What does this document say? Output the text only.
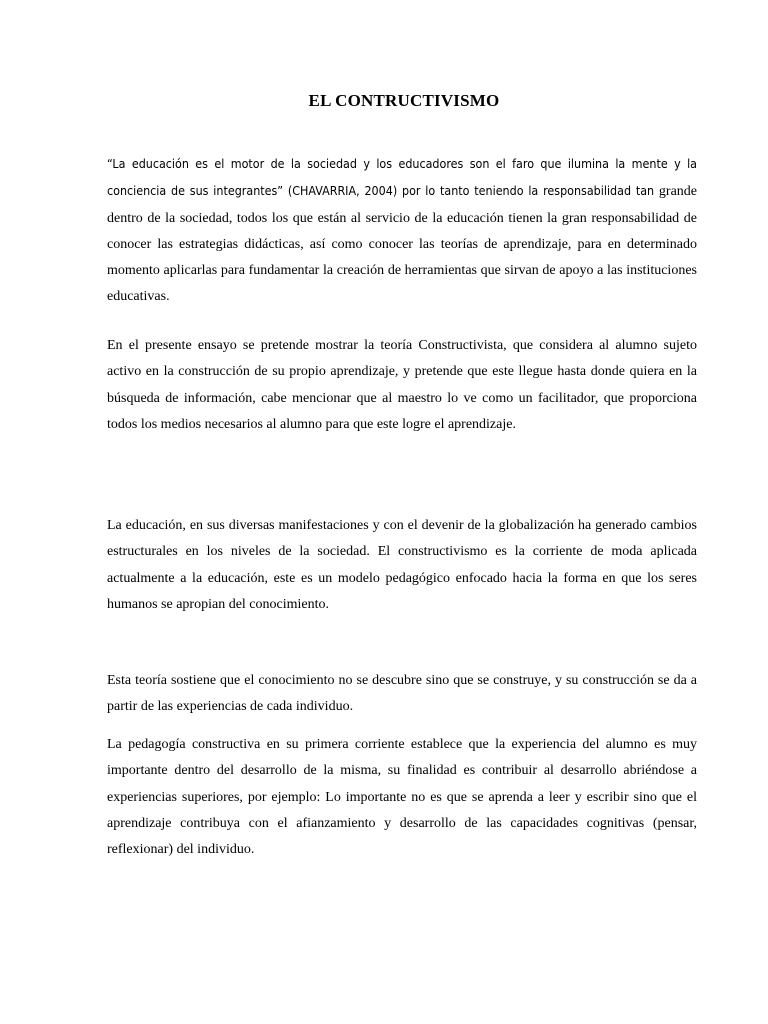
EL CONTRUCTIVISMO

“La educación es el motor de la sociedad y los educadores son el faro que ilumina la mente y la conciencia de sus integrantes” (CHAVARRIA, 2004) por lo tanto teniendo la responsabilidad tan grande dentro de la sociedad, todos los que están al servicio de la educación tienen la gran responsabilidad de conocer las estrategias didácticas, así como conocer las teorías de aprendizaje, para en determinado momento aplicarlas para fundamentar la creación de herramientas que sirvan de apoyo a las instituciones educativas.

En el presente ensayo se pretende mostrar la teoría Constructivista, que considera al alumno sujeto activo en la construcción de su propio aprendizaje, y pretende que este llegue hasta donde quiera en la búsqueda de información, cabe mencionar que al maestro lo ve como un facilitador, que proporciona todos los medios necesarios al alumno para que este logre el aprendizaje.

La educación, en sus diversas manifestaciones y con el devenir de la globalización ha generado cambios estructurales en los niveles de la sociedad. El constructivismo es la corriente de moda aplicada actualmente a la educación, este es un modelo pedagógico enfocado hacia la forma en que los seres humanos se apropian del conocimiento.

Esta teoría sostiene que el conocimiento no se descubre sino que se construye, y su construcción se da a partir de las experiencias de cada individuo.

La pedagogía constructiva en su primera corriente establece que la experiencia del alumno es muy importante dentro del desarrollo de la misma, su finalidad es contribuir al desarrollo abriéndose a experiencias superiores, por ejemplo: Lo importante no es que se aprenda a leer y escribir sino que el aprendizaje contribuya con el afianzamiento y desarrollo de las capacidades cognitivas (pensar, reflexionar) del individuo.
